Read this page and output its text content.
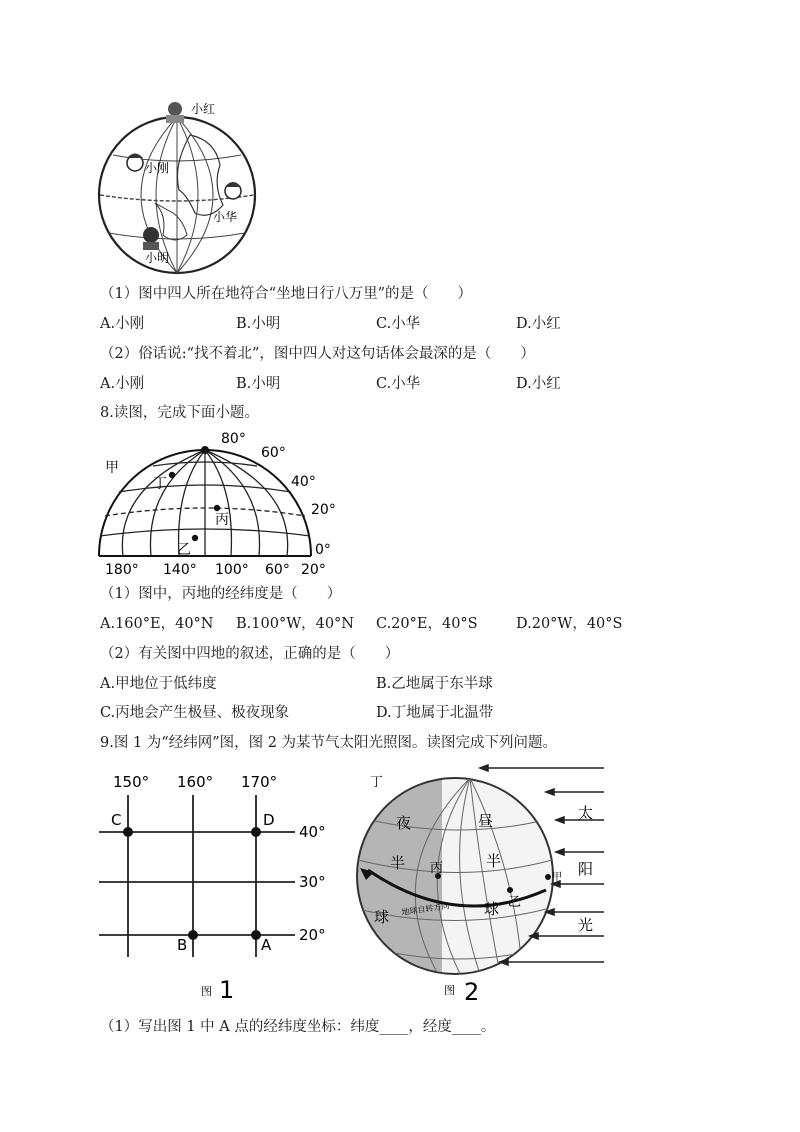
小红
小刚
小华
小明
（1）图中四人所在地符合“坐地日行八万里”的是（　　）
A.小刚	B.小明	C.小华	D.小红
（2）俗话说:“找不着北”，图中四人对这句话体会最深的是（　　）
A.小刚	B.小明	C.小华	D.小红
8.读图，完成下面小题。
80°
60°
40°
20°
0°
180° 140° 100° 60° 20°
甲
丁
丙
乙
（1）图中，丙地的经纬度是（　　）
A.160°E，40°N B.100°W，40°N C.20°E，40°S	D.20°W，40°S
（2）有关图中四地的叙述，正确的是（　　）
A.甲地位于低纬度	B.乙地属于东半球
C.丙地会产生极昼、极夜现象	D.丁地属于北温带
9.图 1 为“经纬网”图，图 2 为某节气太阳光照图。读图完成下列问题。
150° 160° 170°
40°
30°
20°
C	D
B	A
图 1
地球自转方向
丁
夜
半
球
丙
昼
半
球 乙
甲
太
阳
光
图 2
（1）写出图 1 中 A 点的经纬度坐标：纬度____，经度____。
